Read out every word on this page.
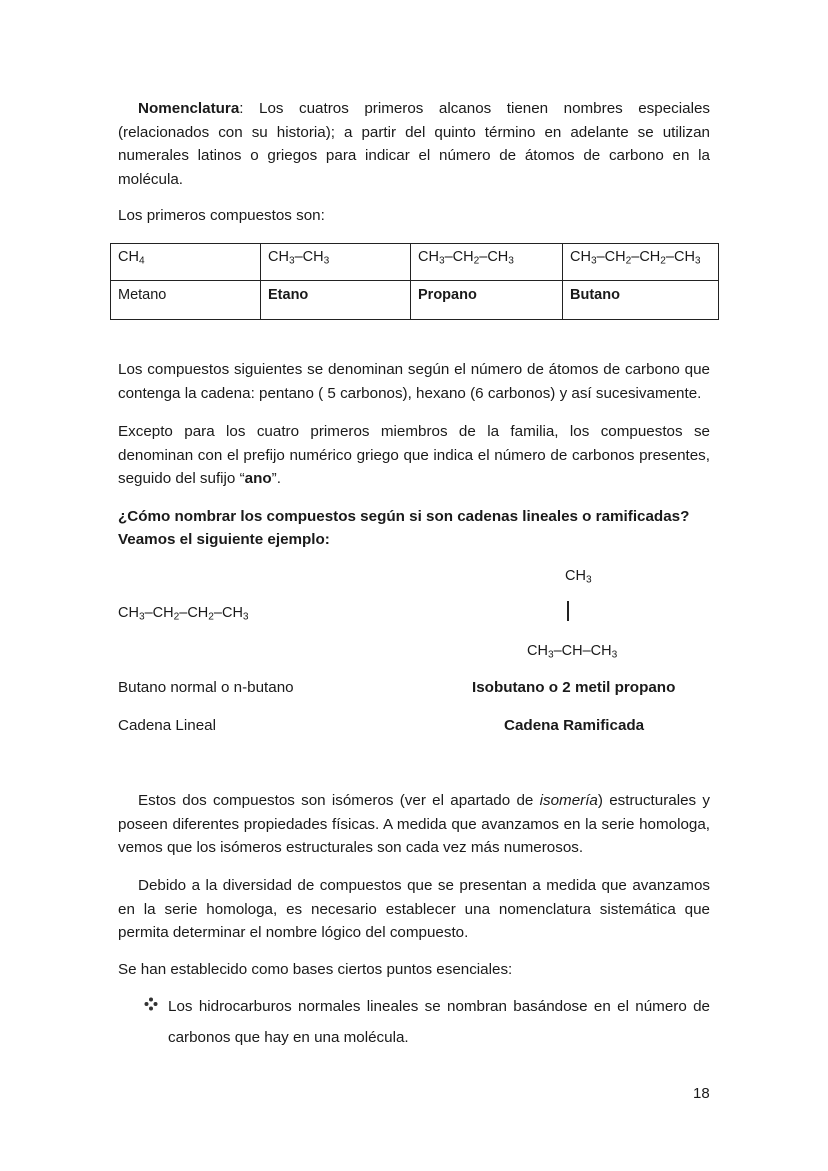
Nomenclatura: Los cuatros primeros alcanos tienen nombres especiales (relacionados con su historia); a partir del quinto término en adelante se utilizan numerales latinos o griegos para indicar el número de átomos de carbono en la molécula.

Los primeros compuestos son:

$CH_4$	$CH_3-CH_3$	$CH_3-CH_2-CH_3$	$CH_3-CH_2-CH_2-CH_3$
Metano	Etano	Propano	Butano

Los compuestos siguientes se denominan según el número de átomos de carbono que contenga la cadena: pentano ( 5 carbonos), hexano (6 carbonos) y así sucesivamente.

Excepto para los cuatro primeros miembros de la familia, los compuestos se denominan con el prefijo numérico griego que indica el número de carbonos presentes, seguido del sufijo “ano”.

¿Cómo nombrar los compuestos según si son cadenas lineales o ramificadas?

Veamos el siguiente ejemplo:

$CH_3$
$CH_3-CH-CH_3$
$CH_3-CH_2-CH_2-CH_3$

Butano normal o n-butano	Isobutano o 2 metil propano

Cadena Lineal	Cadena Ramificada

Estos dos compuestos son isómeros (ver el apartado de isomería) estructurales y poseen diferentes propiedades físicas. A medida que avanzamos en la serie homologa, vemos que los isómeros estructurales son cada vez más numerosos.

Debido a la diversidad de compuestos que se presentan a medida que avanzamos en la serie homologa, es necesario establecer una nomenclatura sistemática que permita determinar el nombre lógico del compuesto.

Se han establecido como bases ciertos puntos esenciales:

Los hidrocarburos normales lineales se nombran basándose en el número de carbonos que hay en una molécula.

18
